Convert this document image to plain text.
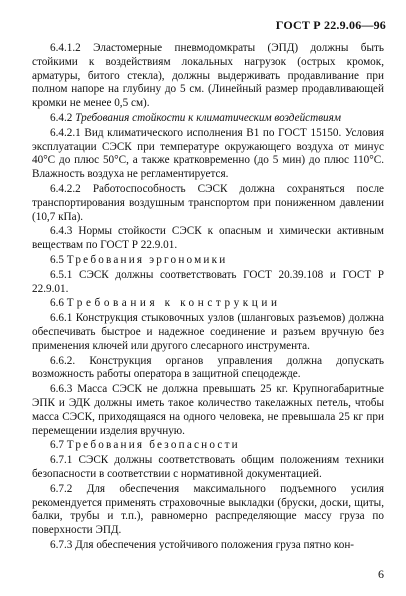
ГОСТ Р 22.9.06—96

6.4.1.2 Эластомерные пневмодомкраты (ЭПД) должны быть стойкими к воздействиям локальных нагрузок (острых кромок, арматуры, битого стекла), должны выдерживать продавливание при полном напоре на глубину до 5 см. (Линейный размер продавливающей кромки не менее 0,5 см).

6.4.2 Требования стойкости к климатическим воздействиям

6.4.2.1 Вид климатического исполнения В1 по ГОСТ 15150. Условия эксплуатации СЭСК при температуре окружающего воздуха от минус 40°С до плюс 50°С, а также кратковременно (до 5 мин) до плюс 110°С. Влажность воздуха не регламентируется.

6.4.2.2 Работоспособность СЭСК должна сохраняться после транспортирования воздушным транспортом при пониженном давлении (10,7 кПа).

6.4.3 Нормы стойкости СЭСК к опасным и химически активным веществам по ГОСТ Р 22.9.01.

6.5 Требования эргономики

6.5.1 СЭСК должны соответствовать ГОСТ 20.39.108 и ГОСТ Р 22.9.01.

6.6 Требования к конструкции

6.6.1 Конструкция стыковочных узлов (шланговых разъемов) должна обеспечивать быстрое и надежное соединение и разъем вручную без применения ключей или другого слесарного инструмента.

6.6.2. Конструкция органов управления должна допускать возможность работы оператора в защитной спецодежде.

6.6.3 Масса СЭСК не должна превышать 25 кг. Крупногабаритные ЭПК и ЭДК должны иметь такое количество такелажных петель, чтобы масса СЭСК, приходящаяся на одного человека, не превышала 25 кг при перемещении изделия вручную.

6.7 Требования безопасности

6.7.1 СЭСК должны соответствовать общим положениям техники безопасности в соответствии с нормативной документацией.

6.7.2 Для обеспечения максимального подъемного усилия рекомендуется применять страховочные выкладки (бруски, доски, щиты, балки, трубы и т.п.), равномерно распределяющие массу груза по поверхности ЭПД.

6.7.3 Для обеспечения устойчивого положения груза пятно кон-

6
